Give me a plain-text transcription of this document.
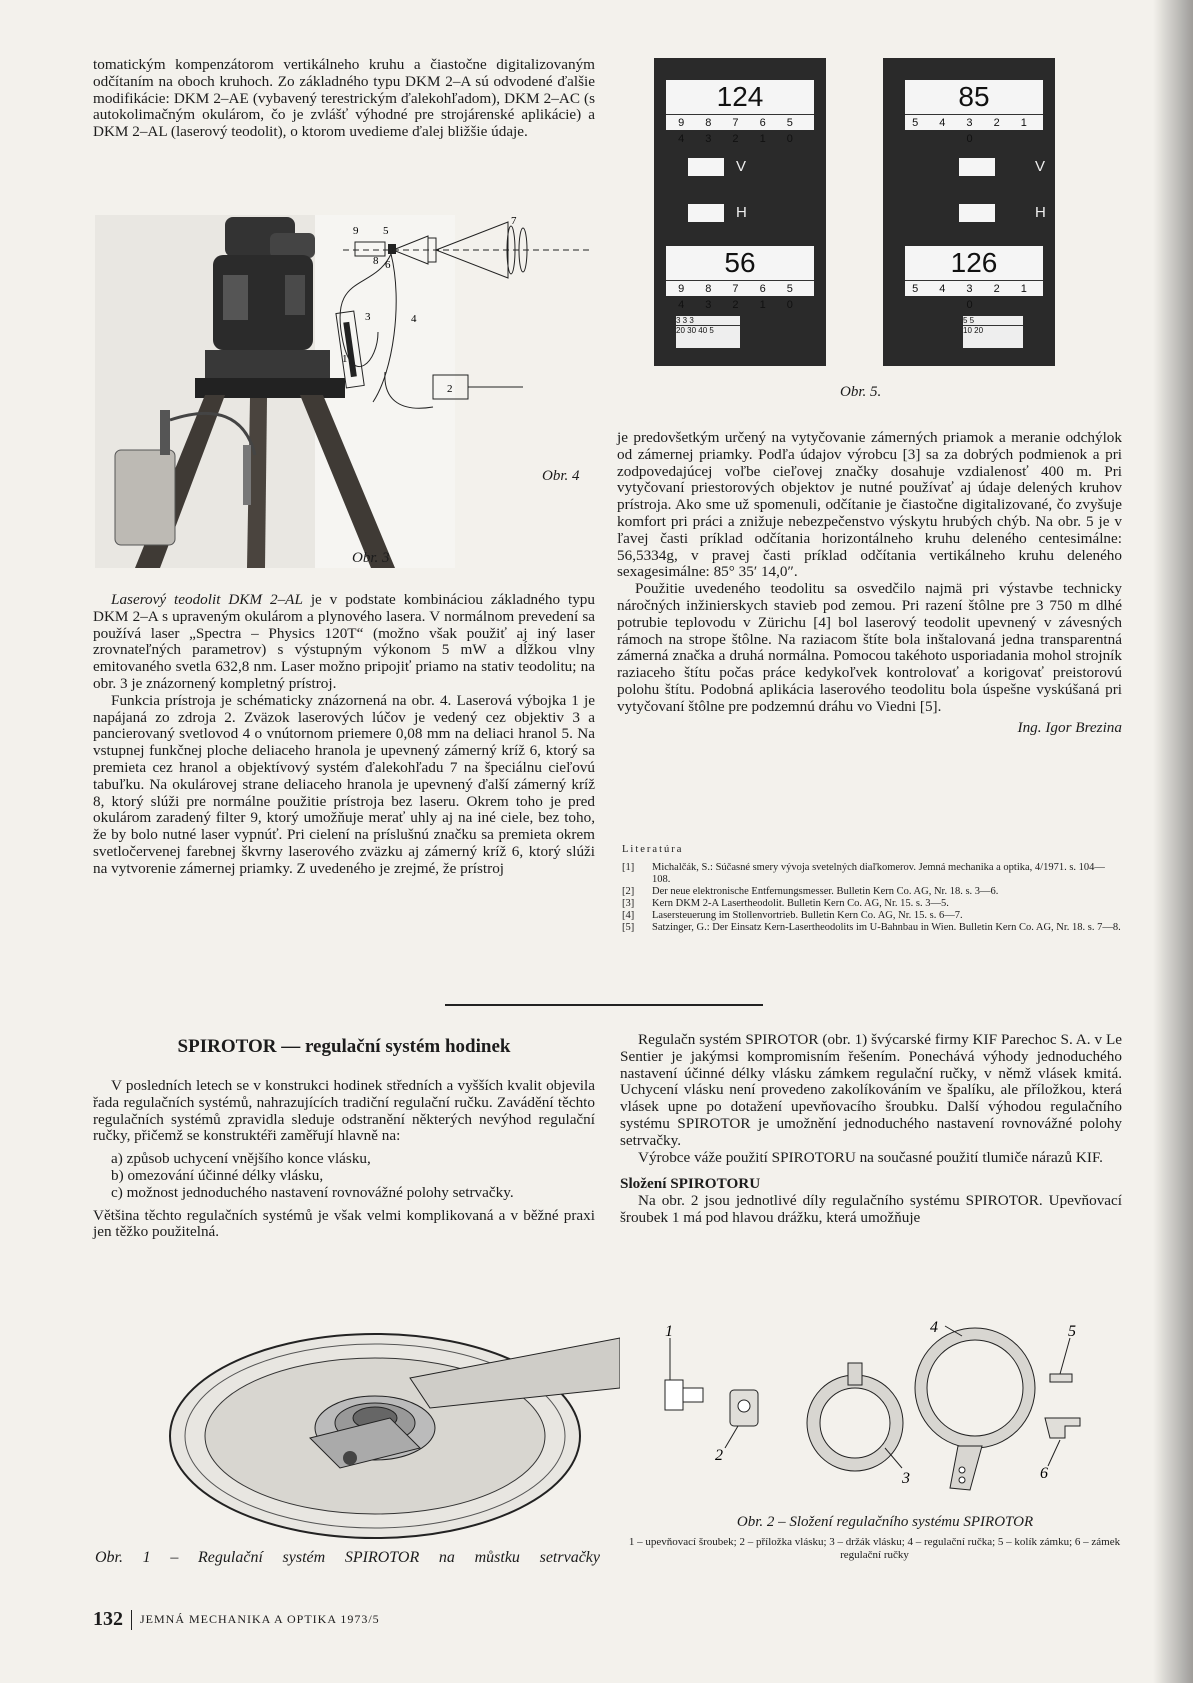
tomatickým kompenzátorom vertikálneho kruhu a čiastočne digitalizovaným odčítaním na oboch kruhoch. Zo základného typu DKM 2–A sú odvodené ďalšie modifikácie: DKM 2–AE (vybavený terestrickým ďalekohľadom), DKM 2–AC (s autokolimačným okulárom, čo je zvlášť výhodné pre strojárenské aplikácie) a DKM 2–AL (laserový teodolit), o ktorom uvedieme ďalej bližšie údaje.

Obr. 3
9 5
8 6
7
3
1
4
2
Obr. 4
124
9 8 7 6 5 4 3 2 1 0
V
H
56
9 8 7 6 5 4 3 2 1 0
3 3 3
20 30 40 5
85
5 4 3 2 1 0
V
H
126
5 4 3 2 1 0
5 5
10 20
Obr. 5.

Laserový teodolit DKM 2–AL je v podstate kombináciou základného typu DKM 2–A s upraveným okulárom a plynového lasera. V normálnom prevedení sa používá laser „Spectra – Physics 120T“ (možno však použiť aj iný laser zrovnateľných parametrov) s výstupným výkonom 5 mW a dĺžkou vlny emitovaného svetla 632,8 nm. Laser možno pripojiť priamo na stativ teodolitu; na obr. 3 je znázornený kompletný prístroj.

Funkcia prístroja je schématicky znázornená na obr. 4. Laserová výbojka 1 je napájaná zo zdroja 2. Zväzok laserových lúčov je vedený cez objektiv 3 a pancierovaný svetlovod 4 o vnútornom priemere 0,08 mm na deliaci hranol 5. Na vstupnej funkčnej ploche deliaceho hranola je upevnený zámerný kríž 6, ktorý sa premieta cez hranol a objektívový systém ďalekohľadu 7 na špeciálnu cieľovú tabuľku. Na okulárovej strane deliaceho hranola je upevnený ďalší zámerný kríž 8, ktorý slúži pre normálne použitie prístroja bez laseru. Okrem toho je pred okulárom zaradený filter 9, ktorý umožňuje merať uhly aj na iné ciele, bez toho, že by bolo nutné laser vypnúť. Pri cielení na príslušnú značku sa premieta okrem svetločervenej farebnej škvrny laserového zväzku aj zámerný kríž 6, ktorý slúži na vytvorenie zámernej priamky. Z uvedeného je zrejmé, že prístroj

je predovšetkým určený na vytyčovanie zámerných priamok a meranie odchýlok od zámernej priamky. Podľa údajov výrobcu [3] sa za dobrých podmienok a pri zodpovedajúcej voľbe cieľovej značky dosahuje vzdialenosť 400 m. Pri vytyčovaní priestorových objektov je nutné používať aj údaje delených kruhov prístroja. Ako sme už spomenuli, odčítanie je čiastočne digitalizované, čo zvyšuje komfort pri práci a znižuje nebezpečenstvo výskytu hrubých chýb. Na obr. 5 je v ľavej časti príklad odčítania horizontálneho kruhu deleného centesimálne: 56,5334g, v pravej časti príklad odčítania vertikálneho kruhu deleného sexagesimálne: 85° 35′ 14,0″.

Použitie uvedeného teodolitu sa osvedčilo najmä pri výstavbe technicky náročných inžinierskych stavieb pod zemou. Pri razení štôlne pre 3 750 m dlhé potrubie teplovodu v Zürichu [4] bol laserový teodolit upevnený v závesných rámoch na strope štôlne. Na raziacom štíte bola inštalovaná jedna transparentná zámerná značka a druhá normálna. Pomocou takéhoto usporiadania mohol strojník raziaceho štítu počas práce kedykoľvek kontrolovať a korigovať preistorovú polohu štítu. Podobná aplikácia laserového teodolitu bola úspešne vyskúšaná pri vytyčovaní štôlne pre podzemnú dráhu vo Viedni [5].

Ing. Igor Brezina

Literatúra
[1]	Michalčák, S.: Súčasné smery vývoja svetelných diaľkomerov. Jemná mechanika a optika, 4/1971. s. 104—108.
[2]	Der neue elektronische Entfernungsmesser. Bulletin Kern Co. AG, Nr. 18. s. 3—6.
[3]	Kern DKM 2-A Lasertheodolit. Bulletin Kern Co. AG, Nr. 15. s. 3—5.
[4]	Lasersteuerung im Stollenvortrieb. Bulletin Kern Co. AG, Nr. 15. s. 6—7.
[5]	Satzinger, G.: Der Einsatz Kern-Lasertheodolits im U-Bahnbau in Wien. Bulletin Kern Co. AG, Nr. 18. s. 7—8.
SPIROTOR — regulační systém hodinek

V posledních letech se v konstrukci hodinek středních a vyšších kvalit objevila řada regulačních systémů, nahrazujících tradiční regulační ručku. Zavádění těchto regulačních systémů zpravidla sleduje odstranění některých nevýhod regulační ručky, přičemž se konstruktéři zaměřují hlavně na:

a) způsob uchycení vnějšího konce vlásku,

b) omezování účinné délky vlásku,

c) možnost jednoduchého nastavení rovnovážné polohy setrvačky.

Většina těchto regulačních systémů je však velmi komplikovaná a v běžné praxi jen těžko použitelná.

Obr. 1 – Regulační systém SPIROTOR na můstku setrvačky

Regulačn systém SPIROTOR (obr. 1) švýcarské firmy KIF Parechoc S. A. v Le Sentier je jakýmsi kompromisním řešením. Ponechává výhody jednoduchého nastavení účinné délky vlásku zámkem regulační ručky, v němž vlásek kmitá. Uchycení vlásku není provedeno zakolíkováním ve špalíku, ale příložkou, která vlásek upne po dotažení upevňovacího šroubku. Další výhodou regulačního systému SPIROTOR je umožnění jednoduchého nastavení rovnovážné polohy setrvačky.

Výrobce váže použití SPIROTORU na současné použití tlumiče nárazů KIF.

Složení SPIROTORU

Na obr. 2 jsou jednotlivé díly regulačního systému SPIROTOR. Upevňovací šroubek 1 má pod hlavou drážku, která umožňuje

1
2
3
4	5
6
Obr. 2 – Složení regulačního systému SPIROTOR
1 – upevňovací šroubek; 2 – příložka vlásku; 3 – držák vlásku; 4 – regulační ručka; 5 – kolík zámku; 6 – zámek regulační ručky
132 JEMNÁ MECHANIKA A OPTIKA 1973/5
